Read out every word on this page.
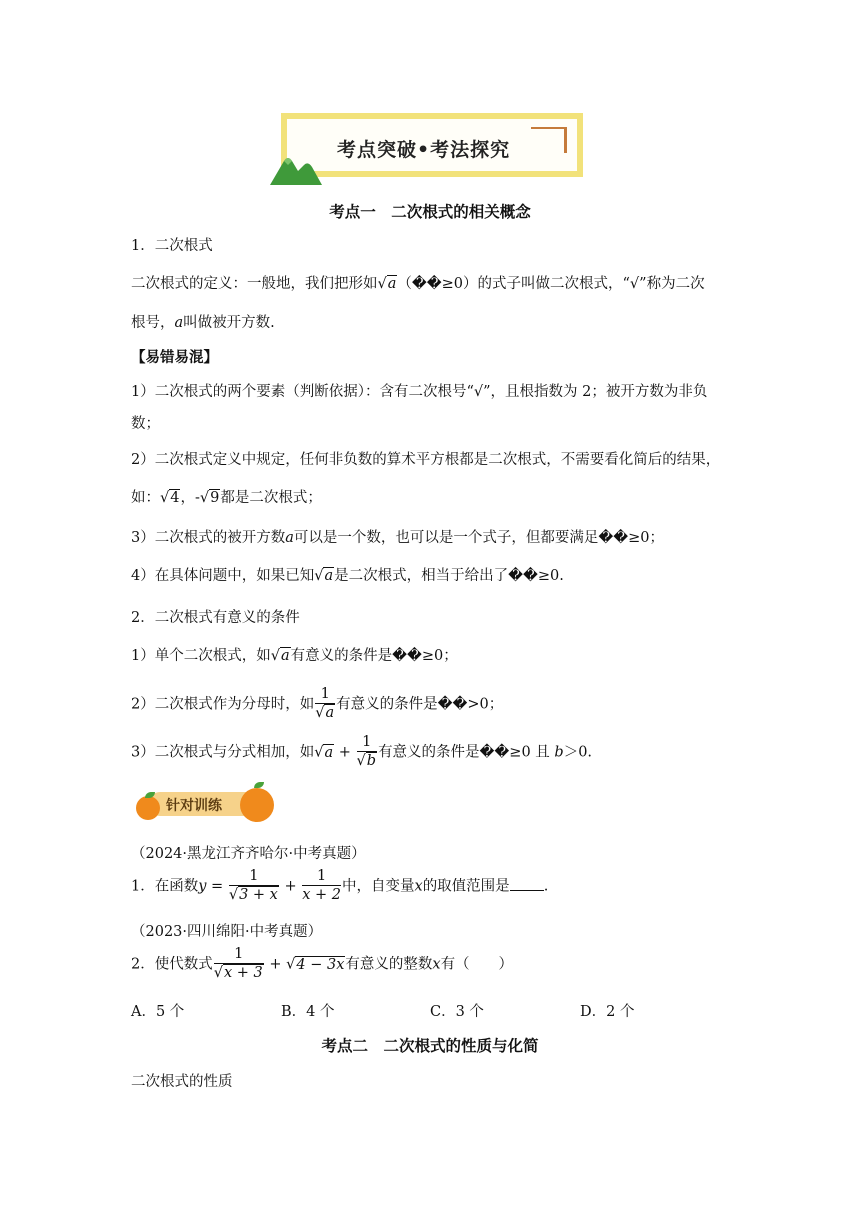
考点突破•考法探究
考点一　二次根式的相关概念
1．二次根式
二次根式的定义：一般地，我们把形如√a（��≥0）的式子叫做二次根式，“√”称为二次
根号，a叫做被开方数.
【易错易混】
1）二次根式的两个要素（判断依据）：含有二次根号“√”，且根指数为 2；被开方数为非负
数；
2）二次根式定义中规定，任何非负数的算术平方根都是二次根式，不需要看化简后的结果，
如：√4，-√9都是二次根式；
3）二次根式的被开方数a可以是一个数，也可以是一个式子，但都要满足��≥0；
4）在具体问题中，如果已知√a是二次根式，相当于给出了��≥0.
2．二次根式有意义的条件
1）单个二次根式，如√a有意义的条件是��≥0；
2）二次根式作为分母时，如 $\frac{1}{√a}$ 有意义的条件是��>0；
3）二次根式与分式相加，如$√a + \frac{1}{√b}$ 有意义的条件是��≥0 且 b＞0.
针对训练
（2024·黑龙江齐齐哈尔·中考真题）
1．在函数$y = \frac{1}{√3 + x} + \frac{1}{x + 2}$ 中，自变量x的取值范围是 .
（2023·四川绵阳·中考真题）
2．使代数式 $\frac{1}{√x + 3} + √4 - 3x$有意义的整数x有（　　）
A．5 个	B．4 个	C．3 个	D．2 个
考点二　二次根式的性质与化简
二次根式的性质
